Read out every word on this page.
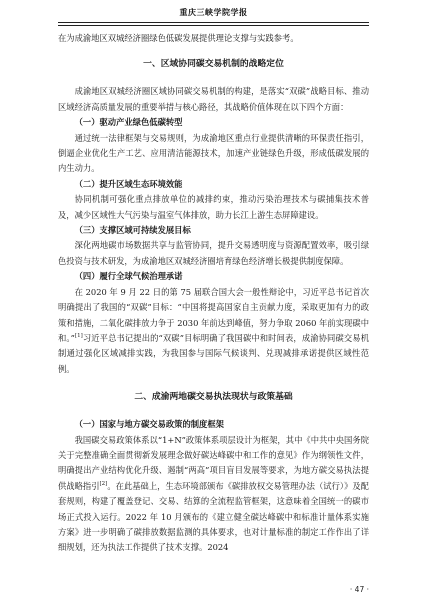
重庆三峡学院学报

在为成渝地区双城经济圈绿色低碳发展提供理论支撑与实践参考。

一、区域协同碳交易机制的战略定位

成渝地区双城经济圈区域协同碳交易机制的构建，是落实“双碳”战略目标、推动区域经济高质量发展的重要举措与核心路径，其战略价值体现在以下四个方面：

（一）驱动产业绿色低碳转型

通过统一法律框架与交易规则，为成渝地区重点行业提供清晰的环保责任指引，倒逼企业优化生产工艺、应用清洁能源技术，加速产业链绿色升级，形成低碳发展的内生动力。

（二）提升区域生态环境效能

协同机制可强化重点排放单位的减排约束，推动污染治理技术与碳捕集技术普及，减少区域性大气污染与温室气体排放，助力长江上游生态屏障建设。

（三）支撑区域可持续发展目标

深化两地碳市场数据共享与监管协同，提升交易透明度与资源配置效率，吸引绿色投资与技术研发，为成渝地区双城经济圈培育绿色经济增长极提供制度保障。

（四）履行全球气候治理承诺

在 2020 年 9 月 22 日的第 75 届联合国大会一般性辩论中，习近平总书记首次明确提出了我国的“双碳”目标：“中国将提高国家自主贡献力度，采取更加有力的政策和措施，二氧化碳排放力争于 2030 年前达到峰值，努力争取 2060 年前实现碳中和。”[1]习近平总书记提出的“双碳”目标明确了我国碳中和时间表，成渝协同碳交易机制通过强化区域减排实践，为我国参与国际气候谈判、兑现减排承诺提供区域性范例。

二、成渝两地碳交易执法现状与政策基础
（一）国家与地方碳交易政策的制度框架

我国碳交易政策体系以“1+N”政策体系项层设计为框架，其中《中共中央国务院关于完整准确全面贯彻新发展理念做好碳达峰碳中和工作的意见》作为纲领性文件，明确提出产业结构优化升级、遏制“两高”项目盲目发展等要求，为地方碳交易执法提供战略指引[2]。在此基础上，生态环境部颁布《碳排放权交易管理办法（试行）》及配套规则，构建了覆盖登记、交易、结算的全流程监管框架，这意味着全国统一的碳市场正式投入运行。2022 年 10 月颁布的《建立健全碳达峰碳中和标准计量体系实施方案》进一步明确了碳排放数据监测的具体要求，也对计量标准的制定工作作出了详细规划，还为执法工作提供了技术支撑。2024

· 47 ·
